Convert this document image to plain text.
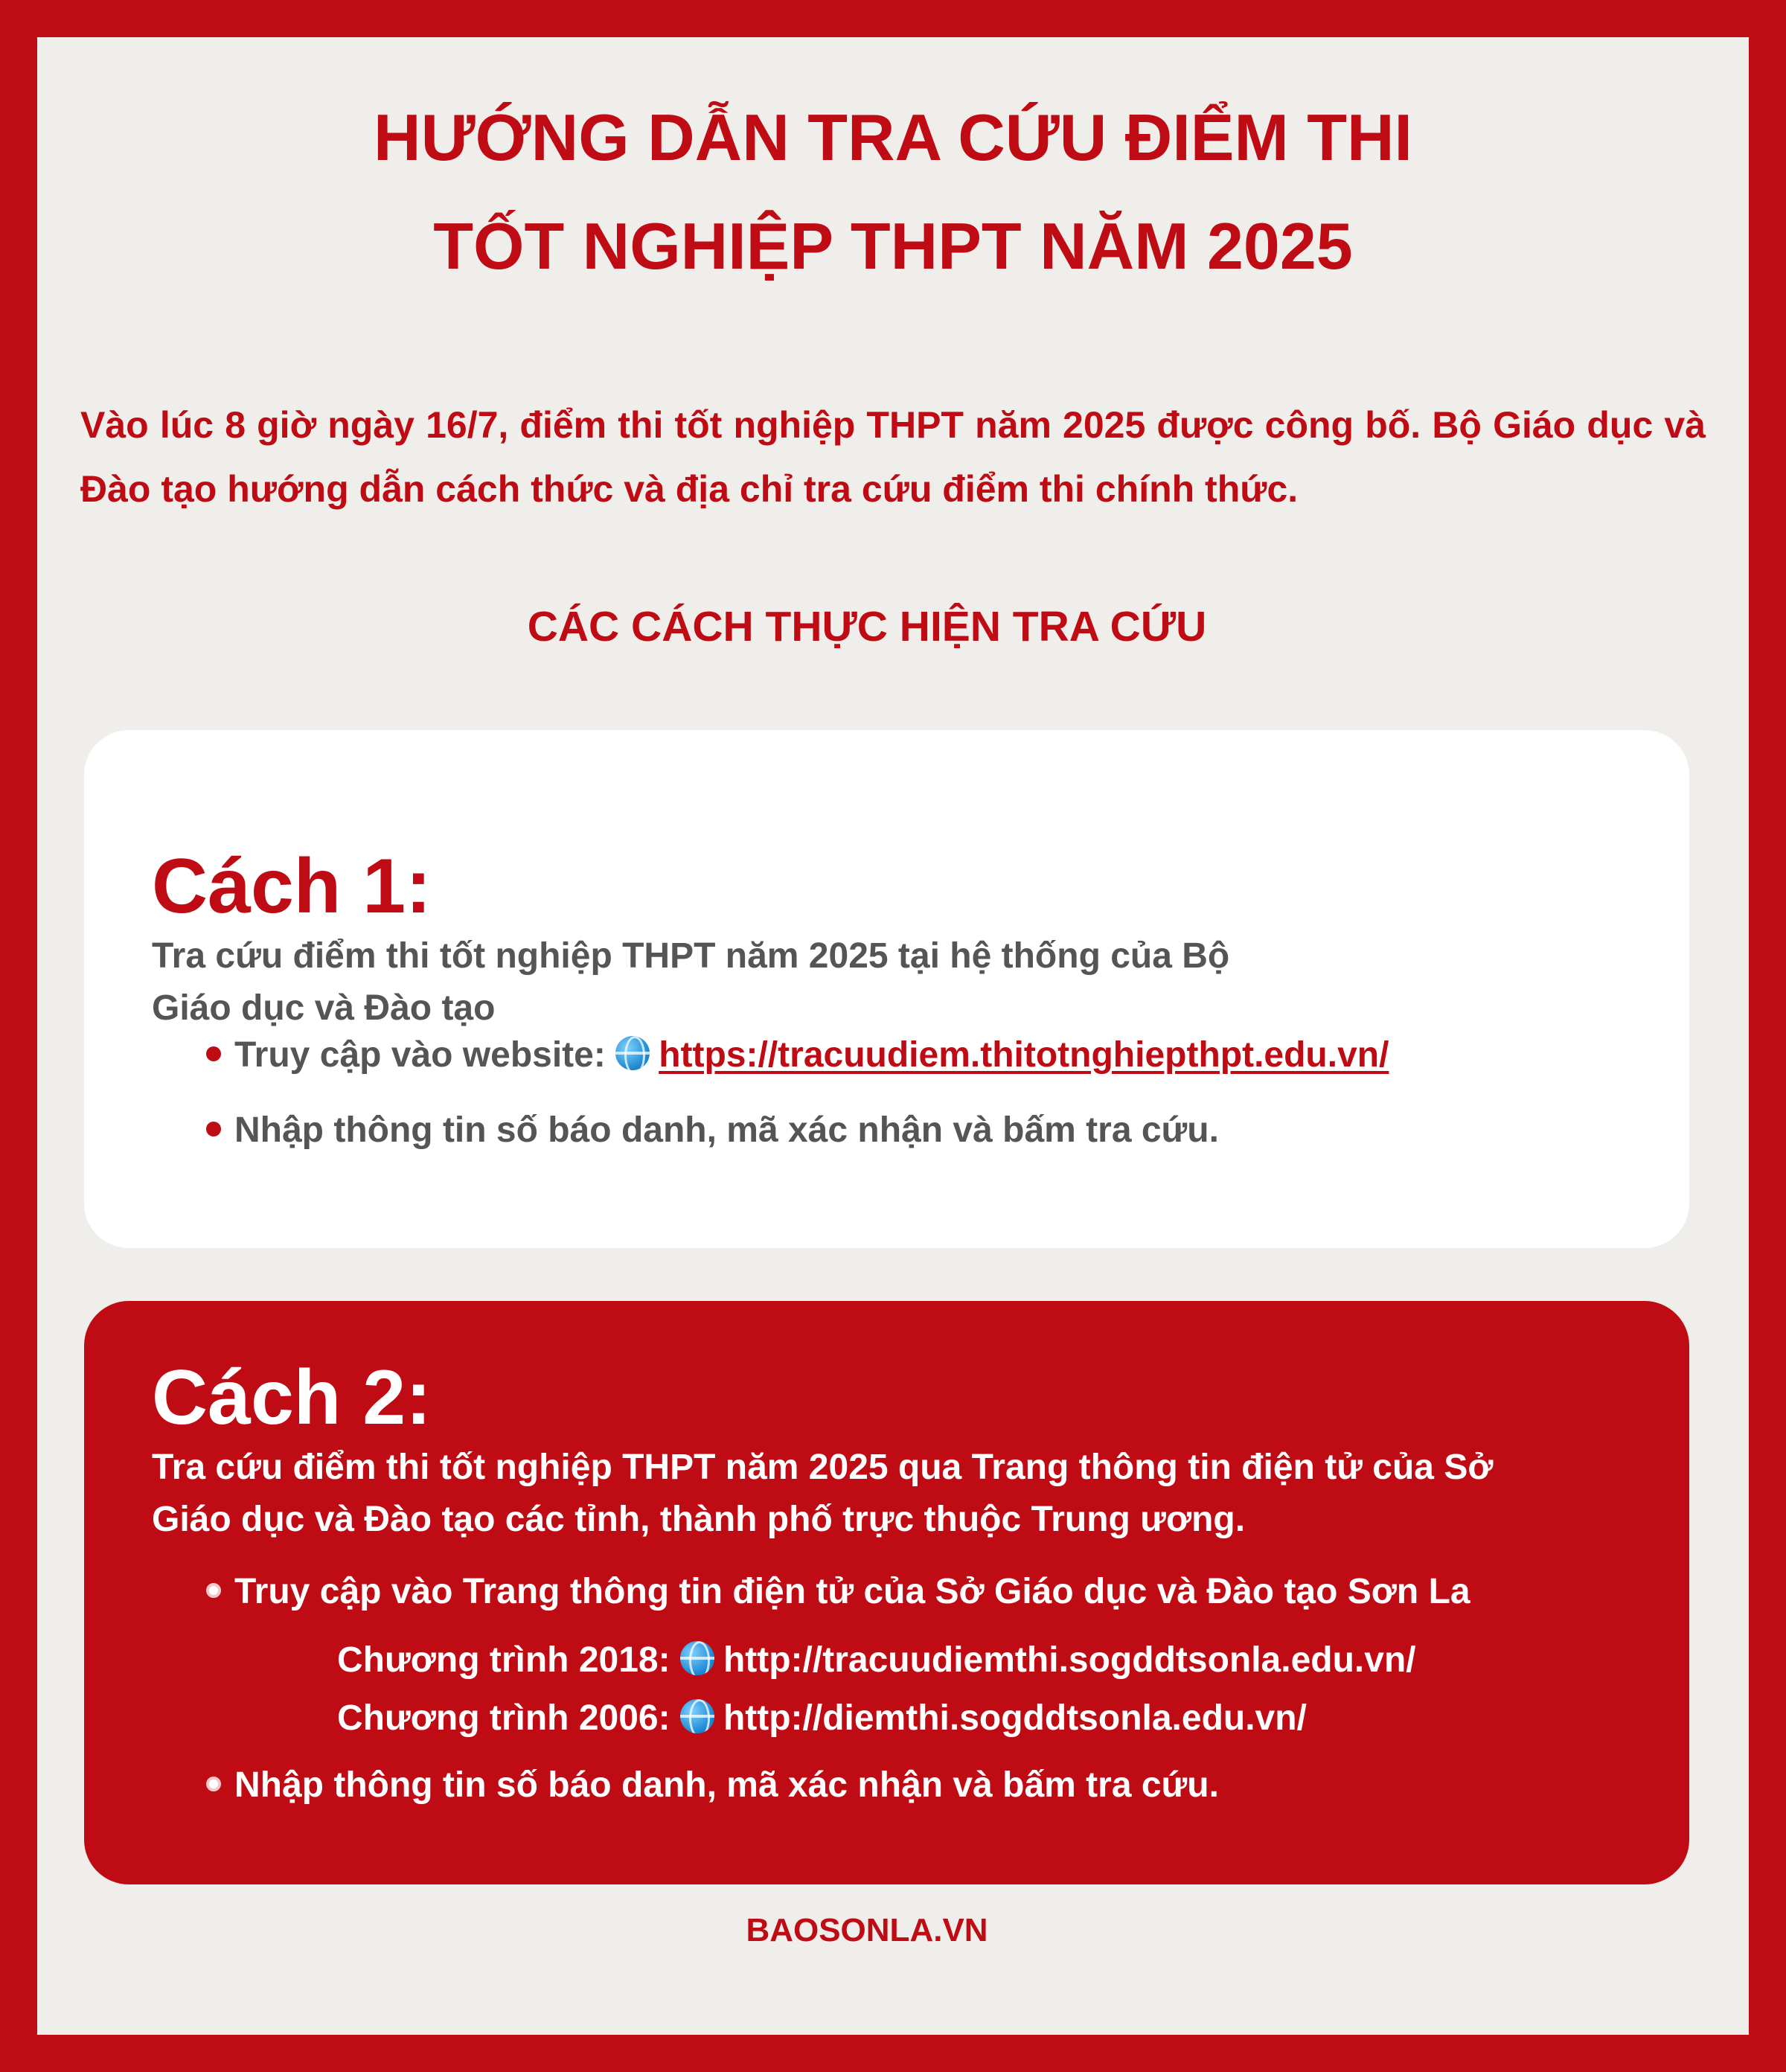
HƯỚNG DẪN TRA CỨU ĐIỂM THI
TỐT NGHIỆP THPT NĂM 2025

Vào lúc 8 giờ ngày 16/7, điểm thi tốt nghiệp THPT năm 2025 được công bố. Bộ Giáo dục và Đào tạo hướng dẫn cách thức và địa chỉ tra cứu điểm thi chính thức.

CÁC CÁCH THỰC HIỆN TRA CỨU
Cách 1:
Tra cứu điểm thi tốt nghiệp THPT năm 2025 tại hệ thống của Bộ Giáo dục và Đào tạo
Truy cập vào website: https://tracuudiem.thitotnghiepthpt.edu.vn/
Nhập thông tin số báo danh, mã xác nhận và bấm tra cứu.
Cách 2:
Tra cứu điểm thi tốt nghiệp THPT năm 2025 qua Trang thông tin điện tử của Sở Giáo dục và Đào tạo các tỉnh, thành phố trực thuộc Trung ương.
Truy cập vào Trang thông tin điện tử của Sở Giáo dục và Đào tạo Sơn La
Chương trình 2018: http://tracuudiemthi.sogddtsonla.edu.vn/
Chương trình 2006: http://diemthi.sogddtsonla.edu.vn/
Nhập thông tin số báo danh, mã xác nhận và bấm tra cứu.
BAOSONLA.VN
